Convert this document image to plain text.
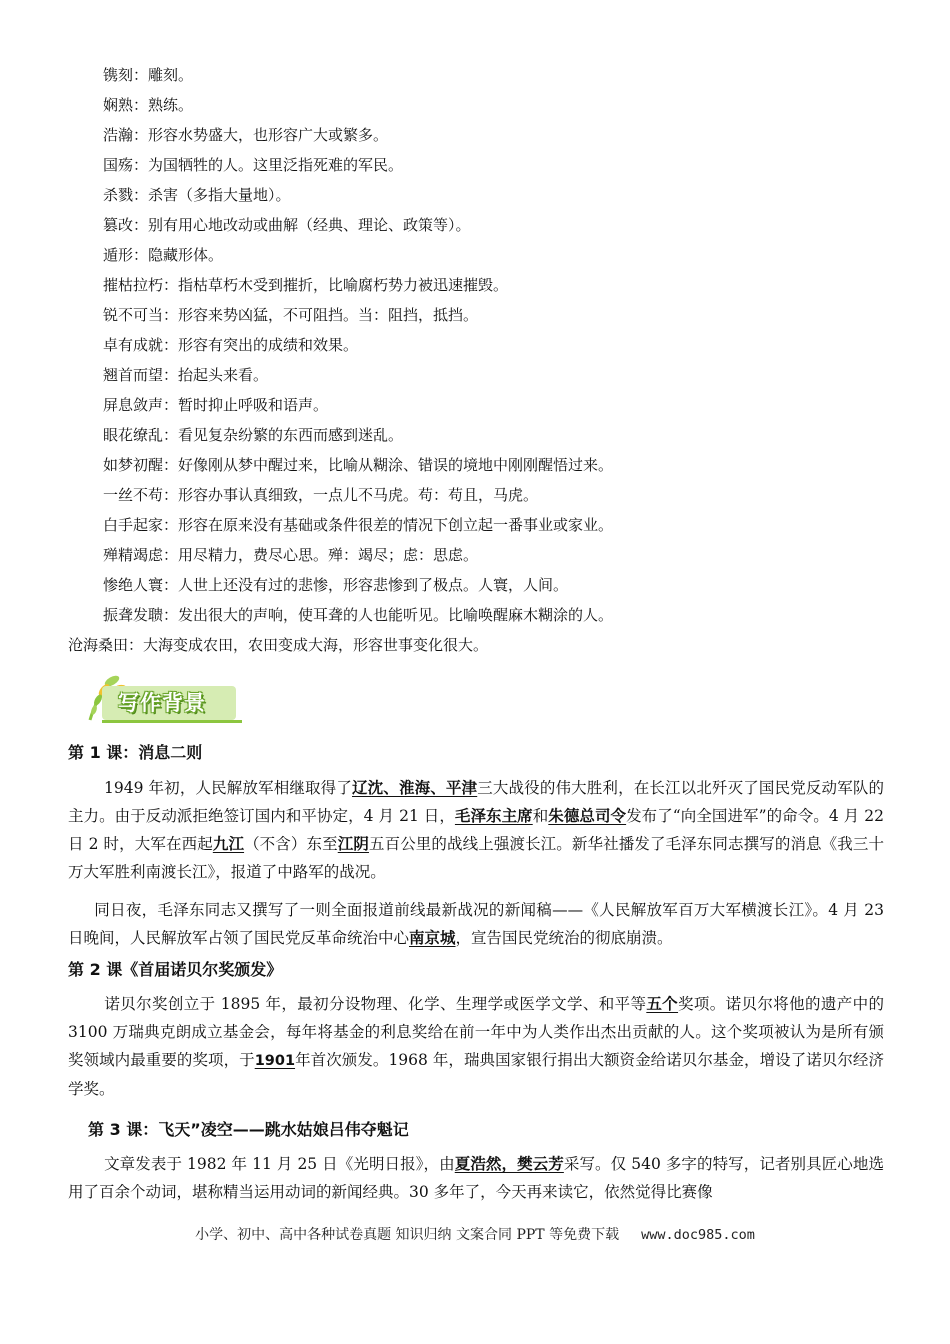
镌刻：雕刻。
娴熟：熟练。
浩瀚：形容水势盛大，也形容广大或繁多。
国殇：为国牺牲的人。这里泛指死难的军民。
杀戮：杀害（多指大量地）。
篡改：别有用心地改动或曲解（经典、理论、政策等）。
遁形：隐藏形体。
摧枯拉朽：指枯草朽木受到摧折，比喻腐朽势力被迅速摧毁。
锐不可当：形容来势凶猛，不可阻挡。当：阻挡，抵挡。
卓有成就：形容有突出的成绩和效果。
翘首而望：抬起头来看。
屏息敛声：暂时抑止呼吸和语声。
眼花缭乱：看见复杂纷繁的东西而感到迷乱。
如梦初醒：好像刚从梦中醒过来，比喻从糊涂、错误的境地中刚刚醒悟过来。
一丝不苟：形容办事认真细致，一点儿不马虎。苟：苟且，马虎。
白手起家：形容在原来没有基础或条件很差的情况下创立起一番事业或家业。
殚精竭虑：用尽精力，费尽心思。殚：竭尽；虑：思虑。
惨绝人寰：人世上还没有过的悲惨，形容悲惨到了极点。人寰，人间。
振聋发聩：发出很大的声响，使耳聋的人也能听见。比喻唤醒麻木糊涂的人。
沧海桑田：大海变成农田，农田变成大海，形容世事变化很大。
写作背景
第 1 课：消息二则
1949 年初，人民解放军相继取得了辽沈、淮海、平津三大战役的伟大胜利，在长江以北歼灭了国民党反动军队的主力。由于反动派拒绝签订国内和平协定，4 月 21 日，毛泽东主席和朱德总司令发布了“向全国进军”的命令。4 月 22 日 2 时，大军在西起九江（不含）东至江阴五百公里的战线上强渡长江。新华社播发了毛泽东同志撰写的消息《我三十万大军胜利南渡长江》，报道了中路军的战况。
同日夜，毛泽东同志又撰写了一则全面报道前线最新战况的新闻稿——《人民解放军百万大军横渡长江》。4 月 23 日晚间，人民解放军占领了国民党反革命统治中心南京城，宣告国民党统治的彻底崩溃。
第 2 课《首届诺贝尔奖颁发》
诺贝尔奖创立于 1895 年，最初分设物理、化学、生理学或医学文学、和平等五个奖项。诺贝尔将他的遗产中的 3100 万瑞典克朗成立基金会，每年将基金的利息奖给在前一年中为人类作出杰出贡献的人。这个奖项被认为是所有颁奖领域内最重要的奖项，于1901年首次颁发。1968 年，瑞典国家银行捐出大额资金给诺贝尔基金，增设了诺贝尔经济学奖。
第 3 课：飞天”凌空——跳水姑娘吕伟夺魁记
文章发表于 1982 年 11 月 25 日《光明日报》，由夏浩然，樊云芳采写。仅 540 多字的特写，记者别具匠心地选用了百余个动词，堪称精当运用动词的新闻经典。30 多年了，今天再来读它，依然觉得比赛像
小学、初中、高中各种试卷真题 知识归纳 文案合同 PPT 等免费下载 www.doc985.com
